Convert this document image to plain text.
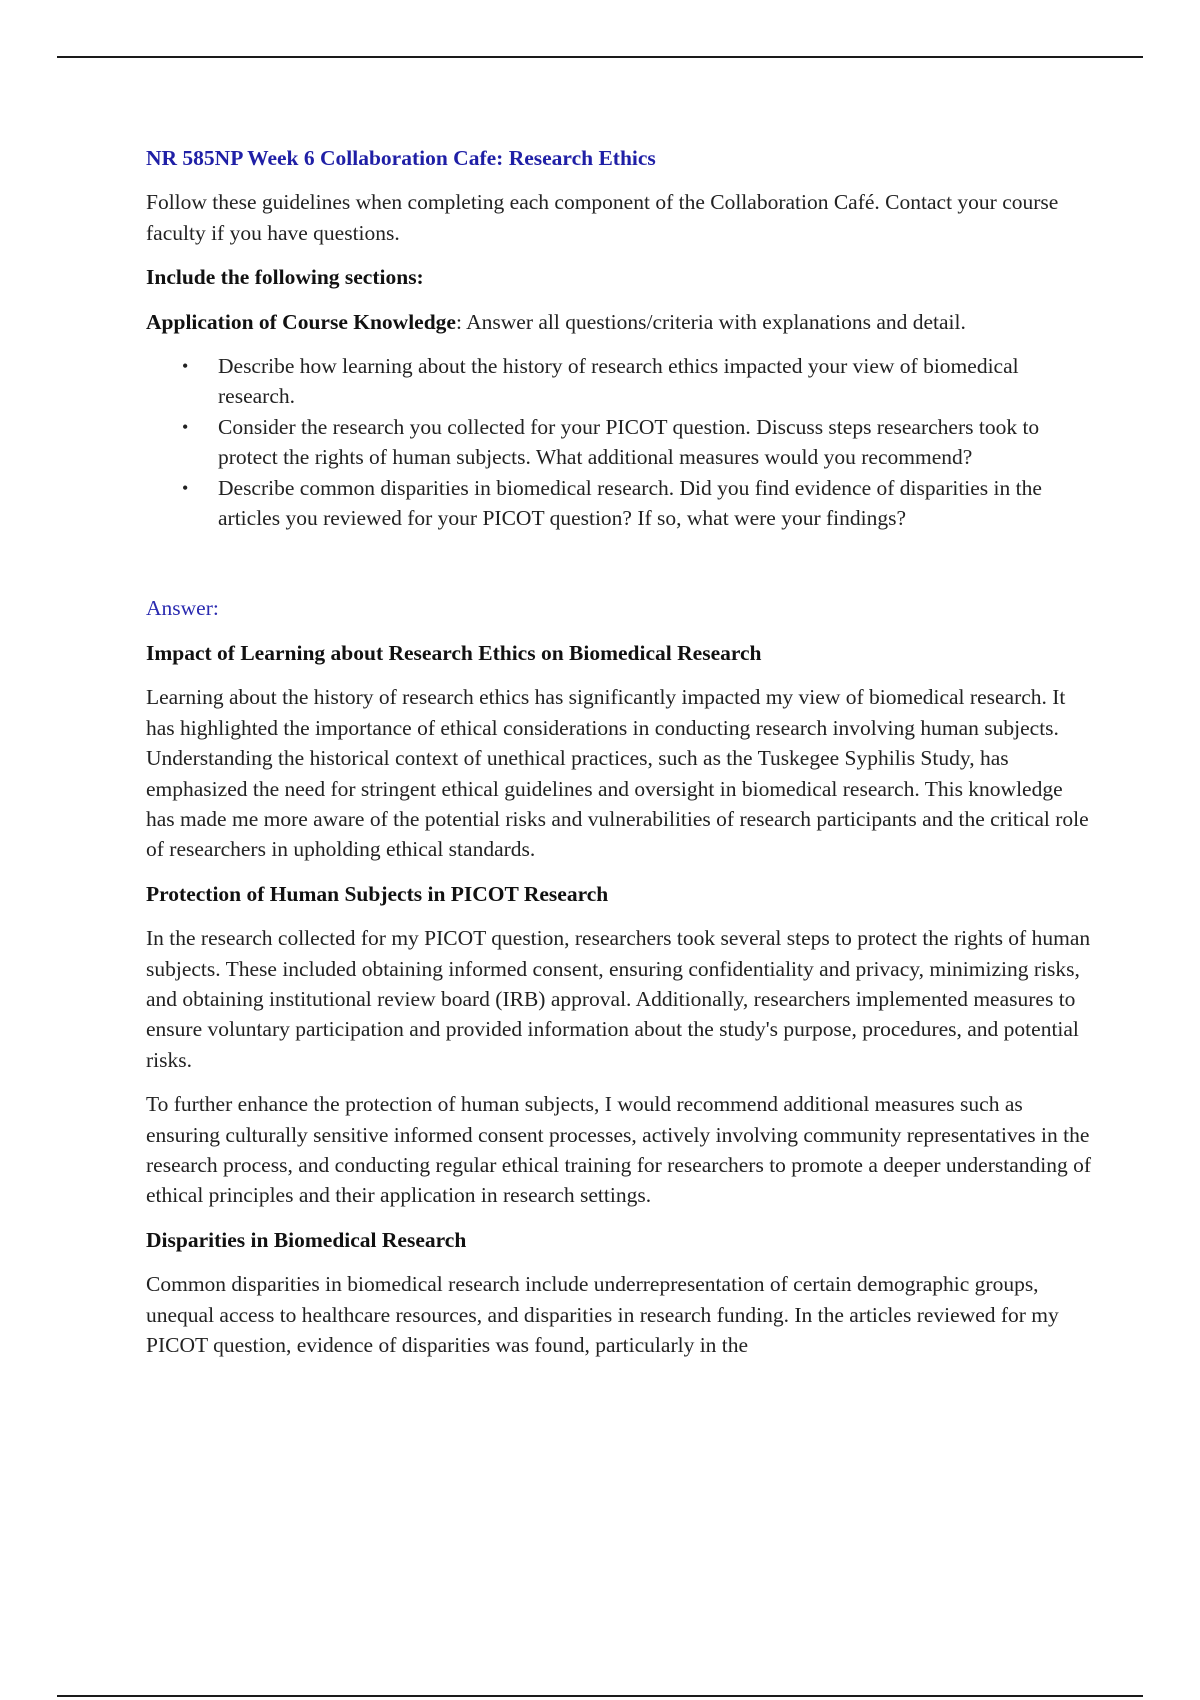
NR 585NP Week 6 Collaboration Cafe: Research Ethics

Follow these guidelines when completing each component of the Collaboration Café. Contact your course faculty if you have questions.

Include the following sections:

Application of Course Knowledge: Answer all questions/criteria with explanations and detail.

• Describe how learning about the history of research ethics impacted your view of biomedical research.
• Consider the research you collected for your PICOT question. Discuss steps researchers took to protect the rights of human subjects. What additional measures would you recommend?
• Describe common disparities in biomedical research. Did you find evidence of disparities in the articles you reviewed for your PICOT question? If so, what were your findings?

Answer:

Impact of Learning about Research Ethics on Biomedical Research

Learning about the history of research ethics has significantly impacted my view of biomedical research. It has highlighted the importance of ethical considerations in conducting research involving human subjects. Understanding the historical context of unethical practices, such as the Tuskegee Syphilis Study, has emphasized the need for stringent ethical guidelines and oversight in biomedical research. This knowledge has made me more aware of the potential risks and vulnerabilities of research participants and the critical role of researchers in upholding ethical standards.

Protection of Human Subjects in PICOT Research

In the research collected for my PICOT question, researchers took several steps to protect the rights of human subjects. These included obtaining informed consent, ensuring confidentiality and privacy, minimizing risks, and obtaining institutional review board (IRB) approval. Additionally, researchers implemented measures to ensure voluntary participation and provided information about the study's purpose, procedures, and potential risks.

To further enhance the protection of human subjects, I would recommend additional measures such as ensuring culturally sensitive informed consent processes, actively involving community representatives in the research process, and conducting regular ethical training for researchers to promote a deeper understanding of ethical principles and their application in research settings.

Disparities in Biomedical Research

Common disparities in biomedical research include underrepresentation of certain demographic groups, unequal access to healthcare resources, and disparities in research funding. In the articles reviewed for my PICOT question, evidence of disparities was found, particularly in the
